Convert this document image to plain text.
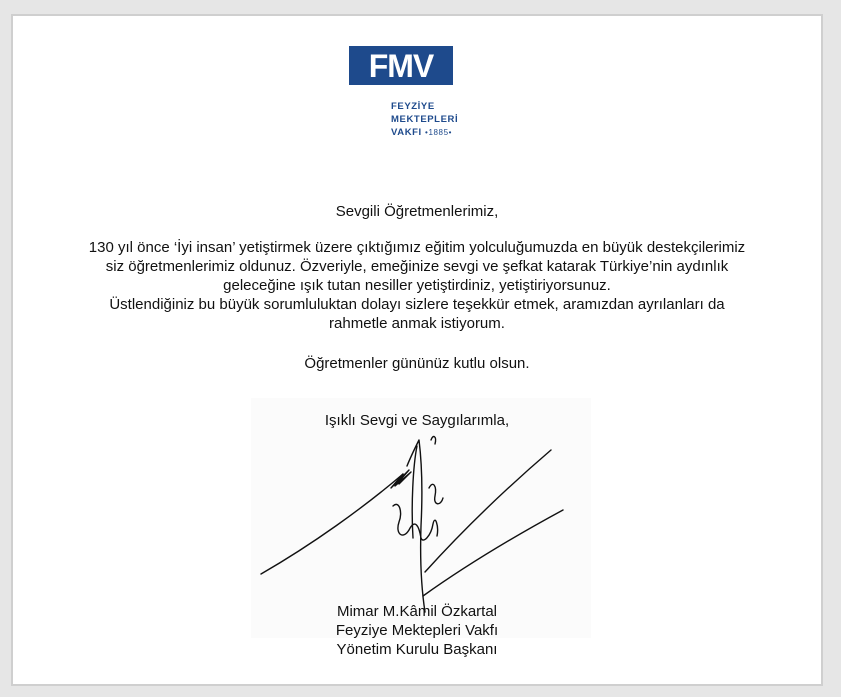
FMV
FEYZİYE
MEKTEPLERİ
VAKFI •1885•
Sevgili Öğretmenlerimiz,

130 yıl önce ‘İyi insan’ yetiştirmek üzere çıktığımız eğitim yolculuğumuzda en büyük destekçilerimiz

siz öğretmenlerimiz oldunuz. Özveriyle, emeğinize sevgi ve şefkat katarak Türkiye’nin aydınlık

geleceğine ışık tutan nesiller yetiştirdiniz, yetiştiriyorsunuz.

Üstlendiğiniz bu büyük sorumluluktan dolayı sizlere teşekkür etmek, aramızdan ayrılanları da

rahmetle anmak istiyorum.

Öğretmenler gününüz kutlu olsun.
Işıklı Sevgi ve Saygılarımla,
Mimar M.Kâmil Özkartal
Feyziye Mektepleri Vakfı
Yönetim Kurulu Başkanı
